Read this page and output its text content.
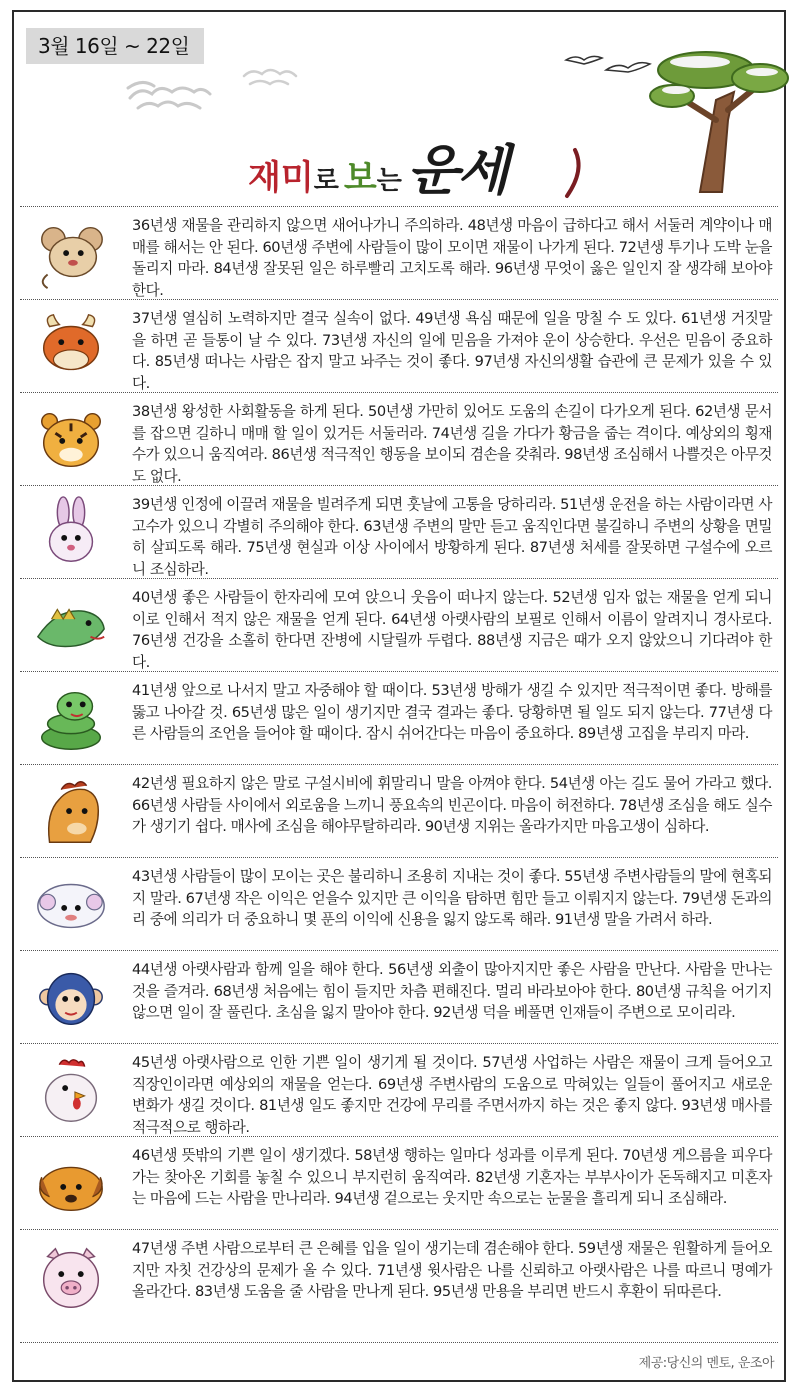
3월 16일 ~ 22일
재미로 보는 운세
36년생 재물을 관리하지 않으면 새어나가니 주의하라. 48년생 마음이 급하다고 해서 서둘러 계약이나 매매를 해서는 안 된다. 60년생 주변에 사람들이 많이 모이면 재물이 나가게 된다. 72년생 투기나 도박 눈을 돌리지 마라. 84년생 잘못된 일은 하루빨리 고치도록 해라. 96년생 무엇이 옳은 일인지 잘 생각해 보아야 한다.
37년생 열심히 노력하지만 결국 실속이 없다. 49년생 욕심 때문에 일을 망칠 수 도 있다. 61년생 거짓말을 하면 곧 들통이 날 수 있다. 73년생 자신의 일에 믿음을 가져야 운이 상승한다. 우선은 믿음이 중요하다. 85년생 떠나는 사람은 잡지 말고 놔주는 것이 좋다. 97년생 자신의생활 습관에 큰 문제가 있을 수 있다.
38년생 왕성한 사회활동을 하게 된다. 50년생 가만히 있어도 도움의 손길이 다가오게 된다. 62년생 문서를 잡으면 길하니 매매 할 일이 있거든 서둘러라. 74년생 길을 가다가 황금을 줍는 격이다. 예상외의 횡재수가 있으니 움직여라. 86년생 적극적인 행동을 보이되 겸손을 갖춰라. 98년생 조심해서 나쁠것은 아무것도 없다.
39년생 인정에 이끌려 재물을 빌려주게 되면 훗날에 고통을 당하리라. 51년생 운전을 하는 사람이라면 사고수가 있으니 각별히 주의해야 한다. 63년생 주변의 말만 듣고 움직인다면 불길하니 주변의 상황을 면밀히 살피도록 해라. 75년생 현실과 이상 사이에서 방황하게 된다. 87년생 처세를 잘못하면 구설수에 오르니 조심하라.
40년생 좋은 사람들이 한자리에 모여 앉으니 웃음이 떠나지 않는다. 52년생 임자 없는 재물을 얻게 되니 이로 인해서 적지 않은 재물을 얻게 된다. 64년생 아랫사람의 보필로 인해서 이름이 알려지니 경사로다. 76년생 건강을 소홀히 한다면 잔병에 시달릴까 두렵다. 88년생 지금은 때가 오지 않았으니 기다려야 한다.
41년생 앞으로 나서지 말고 자중해야 할 때이다. 53년생 방해가 생길 수 있지만 적극적이면 좋다. 방해를 뚫고 나아갈 것. 65년생 많은 일이 생기지만 결국 결과는 좋다. 당황하면 될 일도 되지 않는다. 77년생 다른 사람들의 조언을 들어야 할 때이다. 잠시 쉬어간다는 마음이 중요하다. 89년생 고집을 부리지 마라.
42년생 필요하지 않은 말로 구설시비에 휘말리니 말을 아껴야 한다. 54년생 아는 길도 물어 가라고 했다. 66년생 사람들 사이에서 외로움을 느끼니 풍요속의 빈곤이다. 마음이 허전하다. 78년생 조심을 해도 실수가 생기기 쉽다. 매사에 조심을 해야무탈하리라. 90년생 지위는 올라가지만 마음고생이 심하다.
43년생 사람들이 많이 모이는 곳은 불리하니 조용히 지내는 것이 좋다. 55년생 주변사람들의 말에 현혹되지 말라. 67년생 작은 이익은 얻을수 있지만 큰 이익을 탐하면 힘만 들고 이뤄지지 않는다. 79년생 돈과의리 중에 의리가 더 중요하니 몇 푼의 이익에 신용을 잃지 않도록 해라. 91년생 말을 가려서 하라.
44년생 아랫사람과 함께 일을 해야 한다. 56년생 외출이 많아지지만 좋은 사람을 만난다. 사람을 만나는 것을 즐겨라. 68년생 처음에는 힘이 들지만 차츰 편해진다. 멀리 바라보아야 한다. 80년생 규칙을 어기지 않으면 일이 잘 풀린다. 초심을 잃지 말아야 한다. 92년생 덕을 베풀면 인재들이 주변으로 모이리라.
45년생 아랫사람으로 인한 기쁜 일이 생기게 될 것이다. 57년생 사업하는 사람은 재물이 크게 들어오고 직장인이라면 예상외의 재물을 얻는다. 69년생 주변사람의 도움으로 막혀있는 일들이 풀어지고 새로운 변화가 생길 것이다. 81년생 일도 좋지만 건강에 무리를 주면서까지 하는 것은 좋지 않다. 93년생 매사를 적극적으로 행하라.
46년생 뜻밖의 기쁜 일이 생기겠다. 58년생 행하는 일마다 성과를 이루게 된다. 70년생 게으름을 피우다가는 찾아온 기회를 놓칠 수 있으니 부지런히 움직여라. 82년생 기혼자는 부부사이가 돈독해지고 미혼자는 마음에 드는 사람을 만나리라. 94년생 겉으로는 웃지만 속으로는 눈물을 흘리게 되니 조심해라.
47년생 주변 사람으로부터 큰 은혜를 입을 일이 생기는데 겸손해야 한다. 59년생 재물은 원활하게 들어오지만 자칫 건강상의 문제가 올 수 있다. 71년생 윗사람은 나를 신뢰하고 아랫사람은 나를 따르니 명예가 올라간다. 83년생 도움을 줄 사람을 만나게 된다. 95년생 만용을 부리면 반드시 후환이 뒤따른다.
제공:당신의 멘토, 운조아
